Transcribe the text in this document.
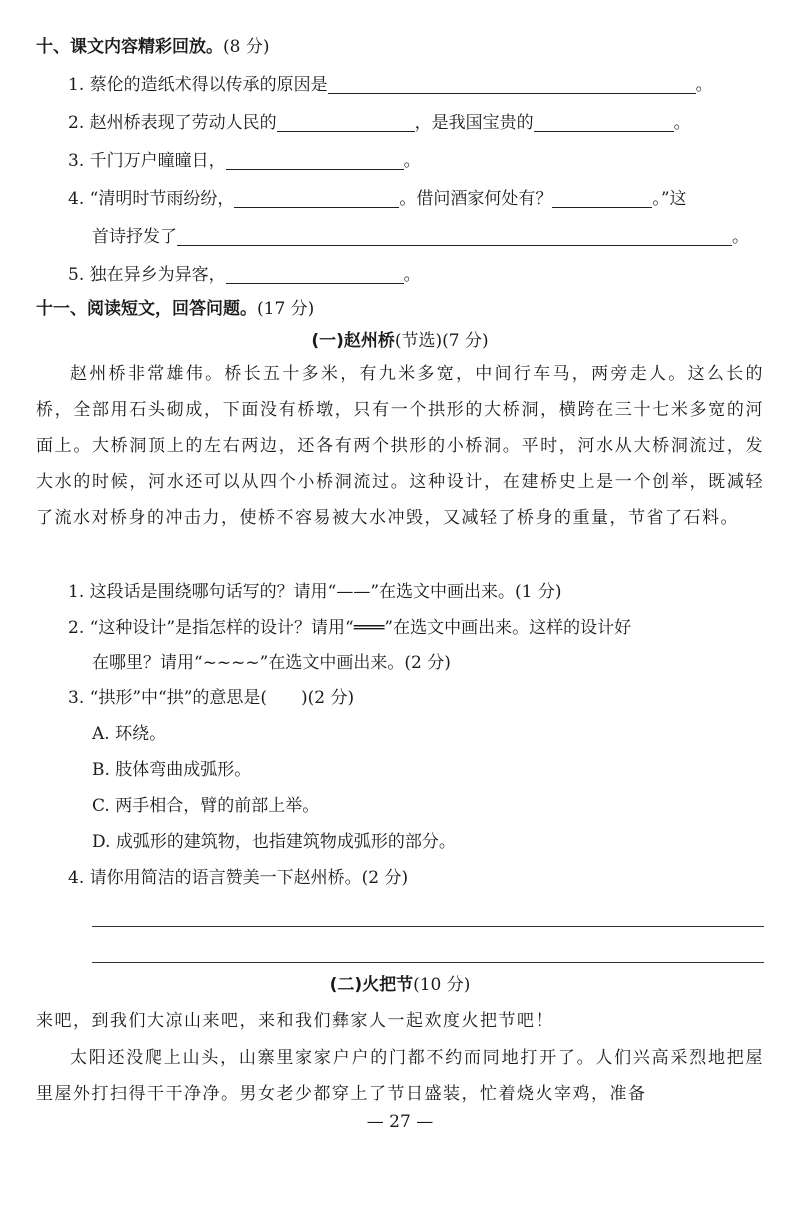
十、课文内容精彩回放。(8 分)
1. 蔡伦的造纸术得以传承的原因是	。
2. 赵州桥表现了劳动人民的	，是我国宝贵的	。
3. 千门万户曈曈日，	。
4. “清明时节雨纷纷，	。借问酒家何处有？	。”这
首诗抒发了	。
5. 独在异乡为异客，	。
十一、阅读短文，回答问题。(17 分)
(一)赵州桥(节选)(7 分)
赵州桥非常雄伟。桥长五十多米，有九米多宽，中间行车马，两旁走人。这么长的桥，全部用石头砌成，下面没有桥墩，只有一个拱形的大桥洞，横跨在三十七米多宽的河面上。大桥洞顶上的左右两边，还各有两个拱形的小桥洞。平时，河水从大桥洞流过，发大水的时候，河水还可以从四个小桥洞流过。这种设计，在建桥史上是一个创举，既减轻了流水对桥身的冲击力，使桥不容易被大水冲毁，又减轻了桥身的重量，节省了石料。
1. 这段话是围绕哪句话写的？请用“——”在选文中画出来。(1 分)
2. “这种设计”是指怎样的设计？请用“═══”在选文中画出来。这样的设计好
在哪里？请用“~~~~”在选文中画出来。(2 分)
3. “拱形”中“拱”的意思是(　　)(2 分)
A. 环绕。
B. 肢体弯曲成弧形。
C. 两手相合，臂的前部上举。
D. 成弧形的建筑物，也指建筑物成弧形的部分。
4. 请你用简洁的语言赞美一下赵州桥。(2 分)
(二)火把节(10 分)
来吧，到我们大凉山来吧，来和我们彝家人一起欢度火把节吧！
太阳还没爬上山头，山寨里家家户户的门都不约而同地打开了。人们兴高采烈地把屋里屋外打扫得干干净净。男女老少都穿上了节日盛装，忙着烧火宰鸡，准备
— 27 —
